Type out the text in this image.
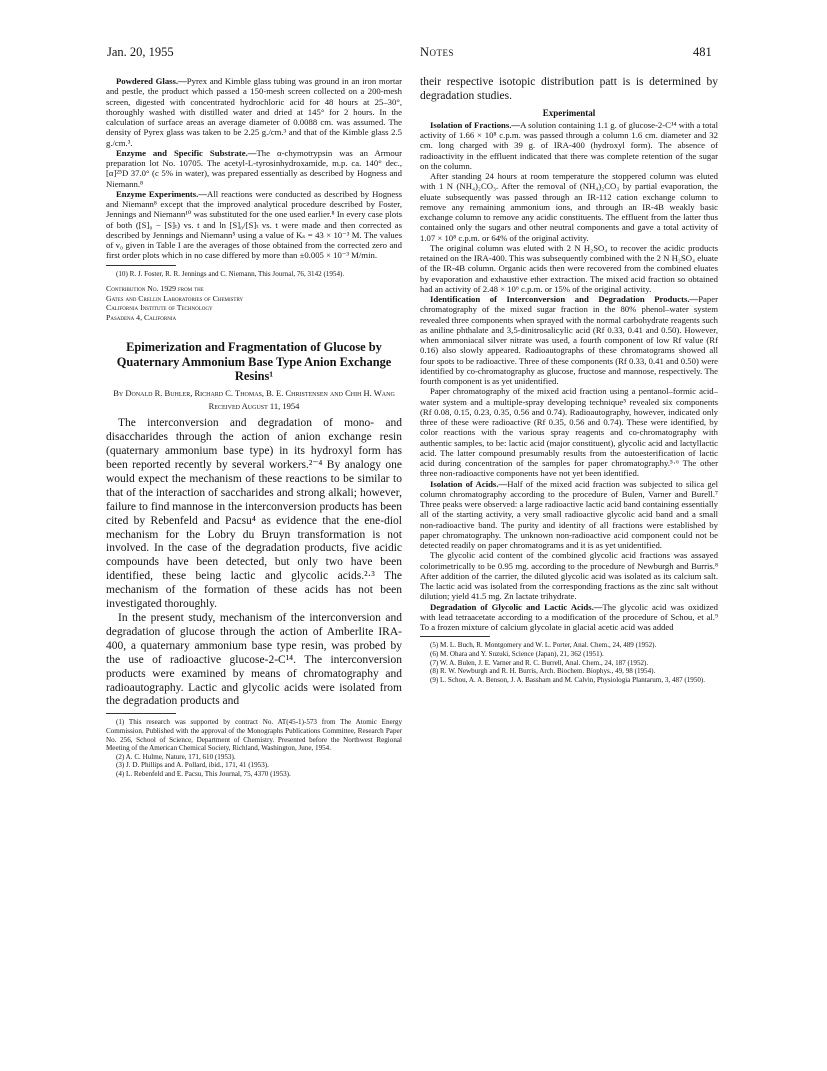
Jan. 20, 1955	Notes	481

Powdered Glass.—Pyrex and Kimble glass tubing was ground in an iron mortar and pestle, the product which passed a 150-mesh screen collected on a 200-mesh screen, digested with concentrated hydrochloric acid for 48 hours at 25–30°, thoroughly washed with distilled water and dried at 145° for 2 hours. In the calculation of surface areas an average diameter of 0.0088 cm. was assumed. The density of Pyrex glass was taken to be 2.25 g./cm.³ and that of the Kimble glass 2.5 g./cm.³.

Enzyme and Specific Substrate.—The α-chymotrypsin was an Armour preparation lot No. 10705. The acetyl-L-tyrosinhydroxamide, m.p. ca. 140° dec., [α]²⁵D 37.0° (c 5% in water), was prepared essentially as described by Hogness and Niemann.⁸

Enzyme Experiments.—All reactions were conducted as described by Hogness and Niemann⁸ except that the improved analytical procedure described by Foster, Jennings and Niemann¹⁰ was substituted for the one used earlier.⁸ In every case plots of both ([S]₀ − [S]ₜ) vs. t and ln [S]₀/[S]ₜ vs. t were made and then corrected as described by Jennings and Niemann⁵ using a value of Kₛ = 43 × 10⁻³ M. The values of v₀ given in Table I are the averages of those obtained from the corrected zero and first order plots which in no case differed by more than ±0.005 × 10⁻³ M/min.

(10) R. J. Foster, R. R. Jennings and C. Niemann, This Journal, 76, 3142 (1954).

Contribution No. 1929 from the
Gates and Crellin Laboratories of Chemistry
California Institute of Technology
Pasadena 4, California
Epimerization and Fragmentation of Glucose by Quaternary Ammonium Base Type Anion Exchange Resins¹
By Donald R. Buhler, Richard C. Thomas, B. E. Christensen and Chih H. Wang
Received August 11, 1954

The interconversion and degradation of mono- and disaccharides through the action of anion exchange resin (quaternary ammonium base type) in its hydroxyl form has been reported recently by several workers.²⁻⁴ By analogy one would expect the mechanism of these reactions to be similar to that of the interaction of saccharides and strong alkali; however, failure to find mannose in the interconversion products has been cited by Rebenfeld and Pacsu⁴ as evidence that the ene-diol mechanism for the Lobry du Bruyn transformation is not involved. In the case of the degradation products, five acidic compounds have been detected, but only two have been identified, these being lactic and glycolic acids.²·³ The mechanism of the formation of these acids has not been investigated thoroughly.

In the present study, mechanism of the interconversion and degradation of glucose through the action of Amberlite IRA-400, a quaternary ammonium base type resin, was probed by the use of radioactive glucose-2-C¹⁴. The interconversion products were examined by means of chromatography and radioautography. Lactic and glycolic acids were isolated from the degradation products and

(1) This research was supported by contract No. AT(45-1)-573 from The Atomic Energy Commission. Published with the approval of the Monographs Publications Committee, Research Paper No. 256, School of Science, Department of Chemistry. Presented before the Northwest Regional Meeting of the American Chemical Society, Richland, Washington, June, 1954.

(2) A. C. Hulme, Nature, 171, 610 (1953).

(3) J. D. Phillips and A. Pollard, ibid., 171, 41 (1953).

(4) L. Rebenfeld and E. Pacsu, This Journal, 75, 4370 (1953).

their respective isotopic distribution patt is is determined by degradation studies.

Experimental

Isolation of Fractions.—A solution containing 1.1 g. of glucose-2-C¹⁴ with a total activity of 1.66 × 10⁸ c.p.m. was passed through a column 1.6 cm. diameter and 32 cm. long charged with 39 g. of IRA-400 (hydroxyl form). The absence of radioactivity in the effluent indicated that there was complete retention of the sugar on the column.

After standing 24 hours at room temperature the stoppered column was eluted with 1 N (NH₄)₂CO₃. After the removal of (NH₄)₂CO₃ by partial evaporation, the eluate subsequently was passed through an IR-112 cation exchange column to remove any remaining ammonium ions, and through an IR-4B weakly basic exchange column to remove any acidic constituents. The effluent from the latter thus contained only the sugars and other neutral components and gave a total activity of 1.07 × 10⁸ c.p.m. or 64% of the original activity.

The original column was eluted with 2 N H₂SO₄ to recover the acidic products retained on the IRA-400. This was subsequently combined with the 2 N H₂SO₄ eluate of the IR-4B column. Organic acids then were recovered from the combined eluates by evaporation and exhaustive ether extraction. The mixed acid fraction so obtained had an activity of 2.48 × 10⁶ c.p.m. or 15% of the original activity.

Identification of Interconversion and Degradation Products.—Paper chromatography of the mixed sugar fraction in the 80% phenol–water system revealed three components when sprayed with the normal carbohydrate reagents such as aniline phthalate and 3,5-dinitrosalicylic acid (Rf 0.33, 0.41 and 0.50). However, when ammoniacal silver nitrate was used, a fourth component of low Rf value (Rf 0.16) also slowly appeared. Radioautographs of these chromatograms showed all four spots to be radioactive. Three of these components (Rf 0.33, 0.41 and 0.50) were identified by co-chromatography as glucose, fructose and mannose, respectively. The fourth component is as yet unidentified.

Paper chromatography of the mixed acid fraction using a pentanol–formic acid–water system and a multiple-spray developing technique⁵ revealed six components (Rf 0.08, 0.15, 0.23, 0.35, 0.56 and 0.74). Radioautography, however, indicated only three of these were radioactive (Rf 0.35, 0.56 and 0.74). These were identified, by color reactions with the various spray reagents and co-chromatography with authentic samples, to be: lactic acid (major constituent), glycolic acid and lactyllactic acid. The latter compound presumably results from the autoesterification of lactic acid during concentration of the samples for paper chromatography.⁵·⁶ The other three non-radioactive components have not yet been identified.

Isolation of Acids.—Half of the mixed acid fraction was subjected to silica gel column chromatography according to the procedure of Bulen, Varner and Burell.⁷ Three peaks were observed: a large radioactive lactic acid band containing essentially all of the starting activity, a very small radioactive glycolic acid band and a small non-radioactive band. The purity and identity of all fractions were established by paper chromatography. The unknown non-radioactive acid component could not be detected readily on paper chromatograms and it is as yet unidentified.

The glycolic acid content of the combined glycolic acid fractions was assayed colorimetrically to be 0.95 mg. according to the procedure of Newburgh and Burris.⁸ After addition of the carrier, the diluted glycolic acid was isolated as its calcium salt. The lactic acid was isolated from the corresponding fractions as the zinc salt without dilution; yield 41.5 mg. Zn lactate trihydrate.

Degradation of Glycolic and Lactic Acids.—The glycolic acid was oxidized with lead tetraacetate according to a modification of the procedure of Schou, et al.⁹ To a frozen mixture of calcium glycolate in glacial acetic acid was added

(5) M. L. Buch, R. Montgomery and W. L. Porter, Anal. Chem., 24, 489 (1952).

(6) M. Ohara and Y. Suzuki, Science (Japan), 21, 362 (1951).

(7) W. A. Bulen, J. E. Varner and R. C. Burrell, Anal. Chem., 24, 187 (1952).

(8) R. W. Newburgh and R. H. Burris, Arch. Biochem. Biophys., 49, 98 (1954).

(9) L. Schou, A. A. Benson, J. A. Bassham and M. Calvin, Physiologia Plantarum, 3, 487 (1950).
